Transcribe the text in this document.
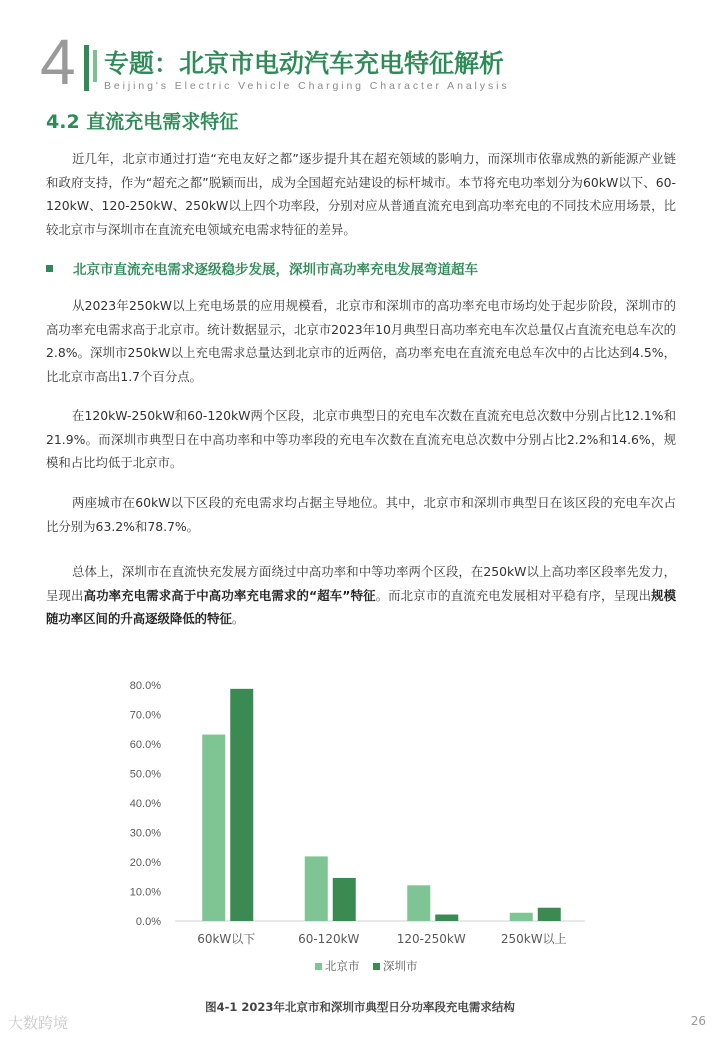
4 专题：北京市电动汽车充电特征解析
Beijing's Electric Vehicle Charging Character Analysis
4.2 直流充电需求特征

近几年，北京市通过打造“充电友好之都”逐步提升其在超充领域的影响力，而深圳市依靠成熟的新能源产业链和政府支持，作为“超充之都”脱颖而出，成为全国超充站建设的标杆城市。本节将充电功率划分为60kW以下、60-120kW、120-250kW、250kW以上四个功率段，分别对应从普通直流充电到高功率充电的不同技术应用场景，比较北京市与深圳市在直流充电领域充电需求特征的差异。

北京市直流充电需求逐级稳步发展，深圳市高功率充电发展弯道超车

从2023年250kW以上充电场景的应用规模看，北京市和深圳市的高功率充电市场均处于起步阶段，深圳市的高功率充电需求高于北京市。统计数据显示，北京市2023年10月典型日高功率充电车次总量仅占直流充电总车次的2.8%。深圳市250kW以上充电需求总量达到北京市的近两倍，高功率充电在直流充电总车次中的占比达到4.5%，比北京市高出1.7个百分点。

在120kW-250kW和60-120kW两个区段，北京市典型日的充电车次数在直流充电总次数中分别占比12.1%和21.9%。而深圳市典型日在中高功率和中等功率段的充电车次数在直流充电总次数中分别占比2.2%和14.6%，规模和占比均低于北京市。

两座城市在60kW以下区段的充电需求均占据主导地位。其中，北京市和深圳市典型日在该区段的充电车次占比分别为63.2%和78.7%。

总体上，深圳市在直流快充发展方面绕过中高功率和中等功率两个区段，在250kW以上高功率区段率先发力，呈现出高功率充电需求高于中高功率充电需求的“超车”特征。而北京市的直流充电发展相对平稳有序，呈现出规模随功率区间的升高逐级降低的特征。

0.0%
10.0%
20.0%
30.0%
40.0%
50.0%
60.0%
70.0%
80.0%
60kW以下	60-120kW	120-250kW	250kW以上
北京市 深圳市
图4-1 2023年北京市和深圳市典型日分功率段充电需求结构
大数跨境	26
